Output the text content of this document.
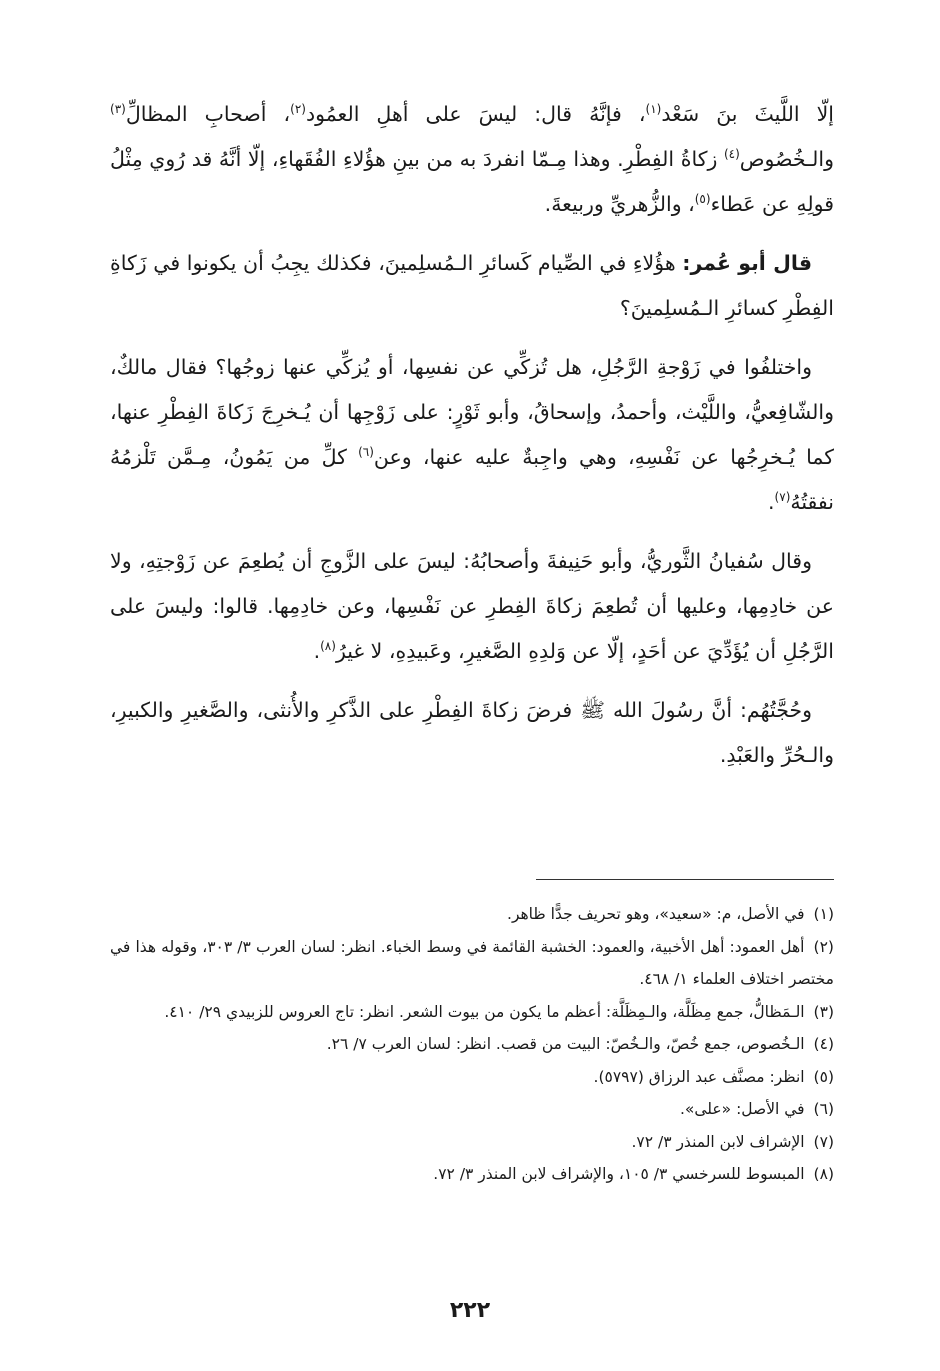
إلّا اللَّيثَ بنَ سَعْد$^{(١)}$، فإنَّهُ قال: ليسَ على أهلِ العمُود$^{(٢)}$، أصحابِ المظالِّ$^{(٣)}$ والـخُصُوص$^{(٤)}$ زكاةُ الفِطْرِ. وهذا مِـمّا انفردَ به من بينِ هؤُلاءِ الفُقَهاءِ، إلّا أنَّهُ قد رُوي مِثْلُ قولِهِ عن عَطاء$^{(٥)}$، والزُّهريِّ وربيعةَ.

قال أبو عُمر: هؤُلاءِ في الصِّيام كَسائرِ الـمُسلِمينَ، فكذلك يجِبُ أن يكونوا في زَكاةِ الفِطْرِ كسائرِ الـمُسلِمينَ؟

واختلفُوا في زَوْجةِ الرَّجُلِ، هل تُزكِّي عن نفسِها، أو يُزكِّي عنها زوجُها؟ فقال مالكٌ، والشّافِعيُّ، واللَّيْث، وأحمدُ، وإسحاقُ، وأبو ثَوْرٍ: على زَوْجِها أن يُـخرِجَ زَكاةَ الفِطْرِ عنها، كما يُـخرِجُها عن نَفْسِهِ، وهي واجِبةٌ عليه عنها، وعن$^{(٦)}$ كلِّ من يَمُونُ، مِـمَّن تَلْزمُهُ نفقتُهُ$^{(٧)}$.

وقال سُفيانُ الثَّوريُّ، وأبو حَنِيفةَ وأصحابُهُ: ليسَ على الزَّوجِ أن يُطعِمَ عن زَوْجتِهِ، ولا عن خادِمِها، وعليها أن تُطعِمَ زكاةَ الفِطرِ عن نَفْسِها، وعن خادِمِها. قالوا: وليسَ على الرَّجُلِ أن يُؤَدِّيَ عن أحَدٍ، إلّا عن وَلدِهِ الصَّغيرِ، وعَبيدِهِ، لا غيرُ$^{(٨)}$.

وحُجَّتُهُم: أنَّ رسُولَ الله ﷺ فرضَ زكاةَ الفِطْرِ على الذَّكرِ والأُنثى، والصَّغيرِ والكبيرِ، والـحُرِّ والعَبْدِ.

(١) في الأصل، م: «سعيد»، وهو تحريف جدًّا ظاهر.

(٢) أهل العمود: أهل الأخبية، والعمود: الخشبة القائمة في وسط الخباء. انظر: لسان العرب ٣/ ٣٠٣، وقوله هذا في مختصر اختلاف العلماء ١/ ٤٦٨.

(٣) الـمَظالُّ، جمع مِظَلَّة، والـمِظَلَّة: أعظم ما يكون من بيوت الشعر. انظر: تاج العروس للزبيدي ٢٩/ ٤١٠.

(٤) الـخُصوص، جمع خُصّ، والـخُصّ: البيت من قصب. انظر: لسان العرب ٧/ ٢٦.

(٥) انظر: مصنَّف عبد الرزاق (٥٧٩٧).

(٦) في الأصل: «على».

(٧) الإشراف لابن المنذر ٣/ ٧٢.

(٨) المبسوط للسرخسي ٣/ ١٠٥، والإشراف لابن المنذر ٣/ ٧٢.

٢٢٢
